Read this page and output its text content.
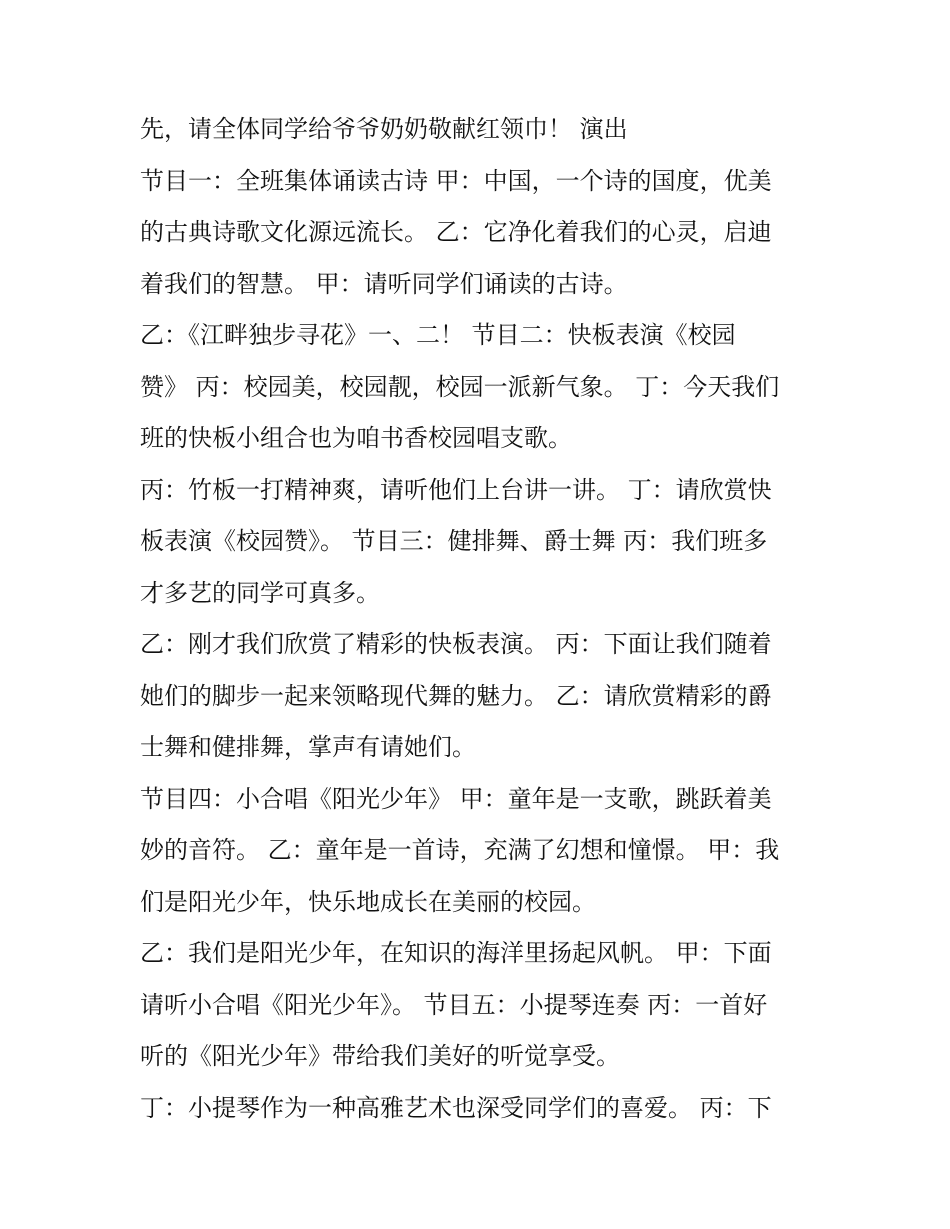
先，请全体同学给爷爷奶奶敬献红领巾！ 演出
节目一：全班集体诵读古诗 甲：中国，一个诗的国度，优美
的古典诗歌文化源远流长。 乙：它净化着我们的心灵，启迪
着我们的智慧。 甲：请听同学们诵读的古诗。
乙：《江畔独步寻花》一、二！ 节目二：快板表演《校园
赞》 丙：校园美，校园靓，校园一派新气象。 丁：今天我们
班的快板小组合也为咱书香校园唱支歌。
丙：竹板一打精神爽，请听他们上台讲一讲。 丁：请欣赏快
板表演《校园赞》。 节目三：健排舞、爵士舞 丙：我们班多
才多艺的同学可真多。
乙：刚才我们欣赏了精彩的快板表演。 丙：下面让我们随着
她们的脚步一起来领略现代舞的魅力。 乙：请欣赏精彩的爵
士舞和健排舞，掌声有请她们。
节目四：小合唱《阳光少年》 甲：童年是一支歌，跳跃着美
妙的音符。 乙：童年是一首诗，充满了幻想和憧憬。 甲：我
们是阳光少年，快乐地成长在美丽的校园。
乙：我们是阳光少年，在知识的海洋里扬起风帆。 甲：下面
请听小合唱《阳光少年》。 节目五：小提琴连奏 丙：一首好
听的《阳光少年》带给我们美好的听觉享受。
丁：小提琴作为一种高雅艺术也深受同学们的喜爱。 丙：下
